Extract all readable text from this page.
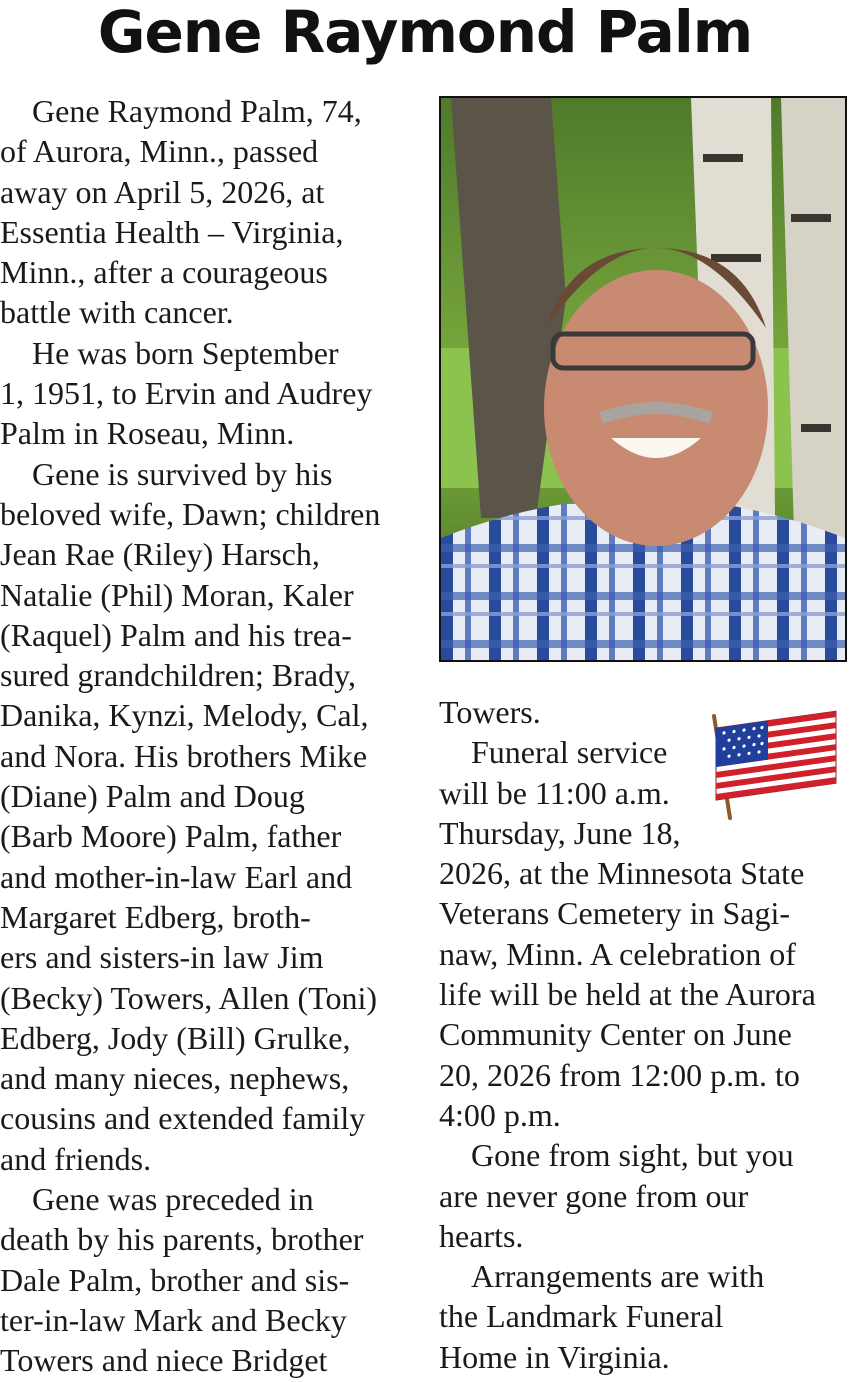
Gene Raymond Palm
 Gene Raymond Palm, 74,
of Aurora, Minn., passed
away on April 5, 2026, at
Essentia Health – Virginia,
Minn., after a courageous
battle with cancer.
 He was born September
1, 1951, to Ervin and Audrey
Palm in Roseau, Minn.
 Gene is survived by his
beloved wife, Dawn; children
Jean Rae (Riley) Harsch,
Natalie (Phil) Moran, Kaler
(Raquel) Palm and his trea-
sured grandchildren; Brady,
Danika, Kynzi, Melody, Cal,
and Nora. His brothers Mike
(Diane) Palm and Doug
(Barb Moore) Palm, father
and mother-in-law Earl and
Margaret Edberg, broth-
ers and sisters-in law Jim
(Becky) Towers, Allen (Toni)
Edberg, Jody (Bill) Grulke,
and many nieces, nephews,
cousins and extended family
and friends.
 Gene was preceded in
death by his parents, brother
Dale Palm, brother and sis-
ter-in-law Mark and Becky
Towers and niece Bridget
Towers.
 Funeral service
will be 11:00 a.m.
Thursday, June 18,
2026, at the Minnesota State
Veterans Cemetery in Sagi-
naw, Minn. A celebration of
life will be held at the Aurora
Community Center on June
20, 2026 from 12:00 p.m. to
4:00 p.m.
 Gone from sight, but you
are never gone from our
hearts.
 Arrangements are with
the Landmark Funeral
Home in Virginia.
